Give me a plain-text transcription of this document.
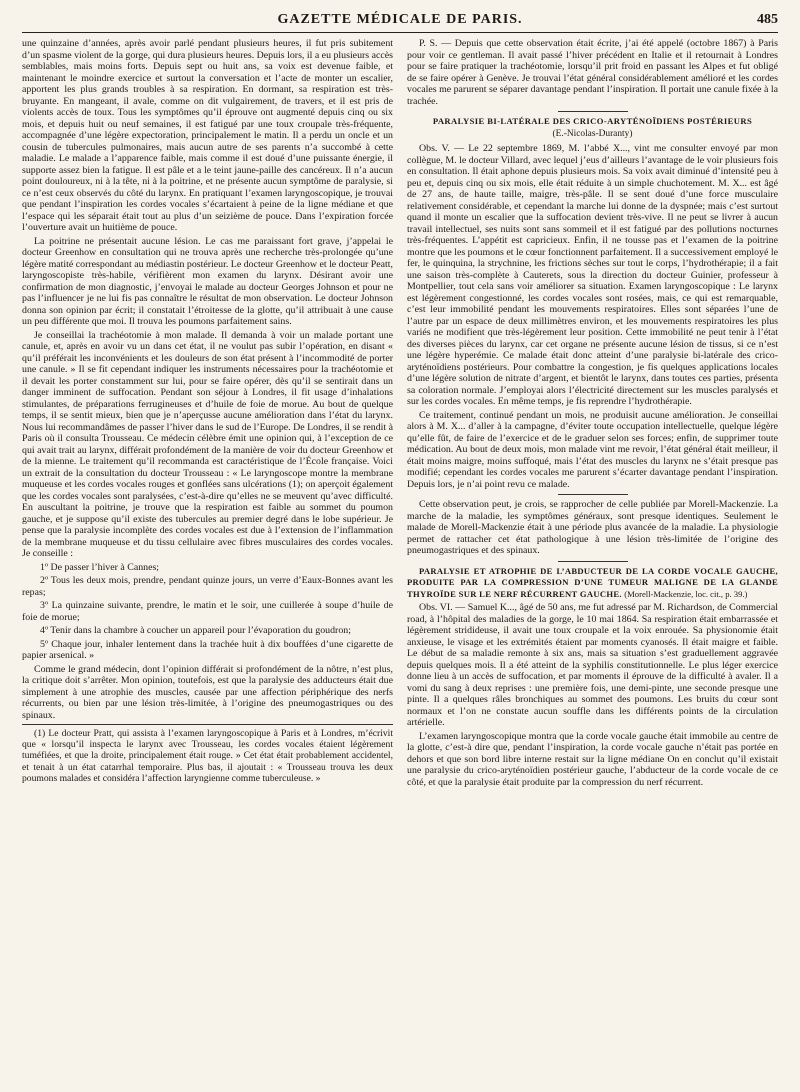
GAZETTE MÉDICALE DE PARIS.	485

une quinzaine d’années, après avoir parlé pendant plusieurs heures, il fut pris subitement d’un spasme violent de la gorge, qui dura plusieurs heures. Depuis lors, il a eu plusieurs accès semblables, mais moins forts. Depuis sept ou huit ans, sa voix est devenue faible, et maintenant le moindre exercice et surtout la conversation et l’acte de monter un escalier, apportent les plus grands troubles à sa respiration. En dormant, sa respiration est très-bruyante. En mangeant, il avale, comme on dit vulgairement, de travers, et il est pris de violents accès de toux. Tous les symptômes qu’il éprouve ont augmenté depuis cinq ou six mois, et depuis huit ou neuf semaines, il est fatigué par une toux croupale très-fréquente, accompagnée d’une légère expectoration, principalement le matin. Il a perdu un oncle et un cousin de tubercules pulmonaires, mais aucun autre de ses parents n’a succombé à cette maladie. Le malade a l’apparence faible, mais comme il est doué d’une puissante énergie, il supporte assez bien la fatigue. Il est pâle et a le teint jaune-paille des cancéreux. Il n’a aucun point douloureux, ni à la tête, ni à la poitrine, et ne présente aucun symptôme de paralysie, si ce n’est ceux observés du côté du larynx. En pratiquant l’examen laryngoscopique, je trouvai que pendant l’inspiration les cordes vocales s’écartaient à peine de la ligne médiane et que l’espace qui les séparait était tout au plus d’un seizième de pouce. Dans l’expiration forcée l’ouverture avait un huitième de pouce.

La poitrine ne présentait aucune lésion. Le cas me paraissant fort grave, j’appelai le docteur Greenhow en consultation qui ne trouva après une recherche très-prolongée qu’une légère matité correspondant au médiastin postérieur. Le docteur Greenhow et le docteur Peatt, laryngoscopiste très-habile, vérifièrent mon examen du larynx. Désirant avoir une confirmation de mon diagnostic, j’envoyai le malade au docteur Georges Johnson et pour ne pas l’influencer je ne lui fis pas connaître le résultat de mon observation. Le docteur Johnson donna son opinion par écrit; il constatait l’étroitesse de la glotte, qu’il attribuait à une cause un peu différente que moi. Il trouva les poumons parfaitement sains.

Je conseillai la trachéotomie à mon malade. Il demanda à voir un malade portant une canule, et, après en avoir vu un dans cet état, il ne voulut pas subir l’opération, en disant « qu’il préférait les inconvénients et les douleurs de son état présent à l’incommodité de porter une canule. » Il se fit cependant indiquer les instruments nécessaires pour la trachéotomie et il devait les porter constamment sur lui, pour se faire opérer, dès qu’il se sentirait dans un danger imminent de suffocation. Pendant son séjour à Londres, il fit usage d’inhalations stimulantes, de préparations ferrugineuses et d’huile de foie de morue. Au bout de quelque temps, il se sentit mieux, bien que je n’aperçusse aucune amélioration dans l’état du larynx. Nous lui recommandâmes de passer l’hiver dans le sud de l’Europe. De Londres, il se rendit à Paris où il consulta Trousseau. Ce médecin célèbre émit une opinion qui, à l’exception de ce qui avait trait au larynx, différait profondément de la manière de voir du docteur Greenhow et de la mienne. Le traitement qu’il recommanda est caractéristique de l’École française. Voici un extrait de la consultation du docteur Trousseau : « Le laryngoscope montre la membrane muqueuse et les cordes vocales rouges et gonflées sans ulcérations (1); on aperçoit également que les cordes vocales sont paralysées, c’est-à-dire qu’elles ne se meuvent qu’avec difficulté. En auscultant la poitrine, je trouve que la respiration est faible au sommet du poumon gauche, et je suppose qu’il existe des tubercules au premier degré dans le lobe supérieur. Je pense que la paralysie incomplète des cordes vocales est due à l’extension de l’inflammation de la membrane muqueuse et du tissu cellulaire avec fibres musculaires des cordes vocales. Je conseille :

1º De passer l’hiver à Cannes;

2º Tous les deux mois, prendre, pendant quinze jours, un verre d’Eaux-Bonnes avant les repas;

3º La quinzaine suivante, prendre, le matin et le soir, une cuillerée à soupe d’huile de foie de morue;

4º Tenir dans la chambre à coucher un appareil pour l’évaporation du goudron;

5º Chaque jour, inhaler lentement dans la trachée huit à dix bouffées d’une cigarette de papier arsenical. »

Comme le grand médecin, dont l’opinion différait si profondément de la nôtre, n’est plus, la critique doit s’arrêter. Mon opinion, toutefois, est que la paralysie des adducteurs était due simplement à une atrophie des muscles, causée par une affection périphérique des nerfs récurrents, ou bien par une lésion très-limitée, à l’origine des pneumogastriques ou des spinaux.

(1) Le docteur Pratt, qui assista à l’examen laryngoscopique à Paris et à Londres, m’écrivit que « lorsqu’il inspecta le larynx avec Trousseau, les cordes vocales étaient légèrement tuméfiées, et que la droite, principalement était rouge. » Cet état était probablement accidentel, et tenait à un état catarrhal temporaire. Plus bas, il ajoutait : « Trousseau trouva les deux poumons malades et considéra l’affection laryngienne comme tuberculeuse. »

P. S. — Depuis que cette observation était écrite, j’ai été appelé (octobre 1867) à Paris pour voir ce gentleman. Il avait passé l’hiver précédent en Italie et il retournait à Londres pour se faire pratiquer la trachéotomie, lorsqu’il prit froid en passant les Alpes et fut obligé de se faire opérer à Genève. Je trouvai l’état général considérablement amélioré et les cordes vocales me parurent se séparer davantage pendant l’inspiration. Il portait une canule fixée à la trachée.

PARALYSIE BI-LATÉRALE DES CRICO-ARYTÉNOÏDIENS POSTÉRIEURS
(E.-Nicolas-Duranty)

Obs. V. — Le 22 septembre 1869, M. l’abbé X..., vint me consulter envoyé par mon collègue, M. le docteur Villard, avec lequel j’eus d’ailleurs l’avantage de le voir plusieurs fois en consultation. Il était aphone depuis plusieurs mois. Sa voix avait diminué d’intensité peu à peu et, depuis cinq ou six mois, elle était réduite à un simple chuchotement. M. X... est âgé de 27 ans, de haute taille, maigre, très-pâle. Il se sent doué d’une force musculaire relativement considérable, et cependant la marche lui donne de la dyspnée; mais c’est surtout quand il monte un escalier que la suffocation devient très-vive. Il ne peut se livrer à aucun travail intellectuel, ses nuits sont sans sommeil et il est fatigué par des pollutions nocturnes très-fréquentes. L’appétit est capricieux. Enfin, il ne tousse pas et l’examen de la poitrine montre que les poumons et le cœur fonctionnent parfaitement. Il a successivement employé le fer, le quinquina, la strychnine, les frictions sèches sur tout le corps, l’hydrothérapie; il a fait une saison très-complète à Cauterets, sous la direction du docteur Guinier, professeur à Montpellier, tout cela sans voir améliorer sa situation. Examen laryngoscopique : Le larynx est légèrement congestionné, les cordes vocales sont rosées, mais, ce qui est remarquable, c’est leur immobilité pendant les mouvements respiratoires. Elles sont séparées l’une de l’autre par un espace de deux millimètres environ, et les mouvements respiratoires les plus variés ne modifient que très-légèrement leur position. Cette immobilité ne peut tenir à l’état des diverses pièces du larynx, car cet organe ne présente aucune lésion de tissus, si ce n’est une légère hyperémie. Ce malade était donc atteint d’une paralysie bi-latérale des crico-aryténoïdiens postérieurs. Pour combattre la congestion, je fis quelques applications locales d’une légère solution de nitrate d’argent, et bientôt le larynx, dans toutes ces parties, présenta sa coloration normale. J’employai alors l’électricité directement sur les muscles paralysés et sur les cordes vocales. En même temps, je fis reprendre l’hydrothérapie.

Ce traitement, continué pendant un mois, ne produisit aucune amélioration. Je conseillai alors à M. X... d’aller à la campagne, d’éviter toute occupation intellectuelle, quelque légère qu’elle fût, de faire de l’exercice et de le graduer selon ses forces; enfin, de supprimer toute médication. Au bout de deux mois, mon malade vint me revoir, l’état général était meilleur, il était moins maigre, moins suffoqué, mais l’état des muscles du larynx ne s’était presque pas modifié; cependant les cordes vocales me parurent s’écarter davantage pendant l’inspiration. Depuis lors, je n’ai point revu ce malade.

Cette observation peut, je crois, se rapprocher de celle publiée par Morell-Mackenzie. La marche de la maladie, les symptômes généraux, sont presque identiques. Seulement le malade de Morell-Mackenzie était à une période plus avancée de la maladie. La physiologie permet de rattacher cet état pathologique à une lésion très-limitée de l’origine des pneumogastriques et des spinaux.

PARALYSIE ET ATROPHIE DE L’ABDUCTEUR DE LA CORDE VOCALE GAUCHE, PRODUITE PAR LA COMPRESSION D’UNE TUMEUR MALIGNE DE LA GLANDE THYROÏDE SUR LE NERF RÉCURRENT GAUCHE. (Morell-Mackenzie, loc. cit., p. 39.)

Obs. VI. — Samuel K..., âgé de 50 ans, me fut adressé par M. Richardson, de Commercial road, à l’hôpital des maladies de la gorge, le 10 mai 1864. Sa respiration était embarrassée et légèrement stridideuse, il avait une toux croupale et la voix enrouée. Sa physionomie était anxieuse, le visage et les extrémités étaient par moments cyanosés. Il était maigre et faible. Le début de sa maladie remonte à six ans, mais sa situation s’est graduellement aggravée depuis quelques mois. Il a été atteint de la syphilis constitutionnelle. Le plus léger exercice donne lieu à un accès de suffocation, et par moments il éprouve de la difficulté à avaler. Il a vomi du sang à deux reprises : une première fois, une demi-pinte, une seconde presque une pinte. Il a quelques râles bronchiques au sommet des poumons. Les bruits du cœur sont normaux et l’on ne constate aucun souffle dans les différents points de la circulation artérielle.

L’examen laryngoscopique montra que la corde vocale gauche était immobile au centre de la glotte, c’est-à dire que, pendant l’inspiration, la corde vocale gauche n’était pas portée en dehors et que son bord libre interne restait sur la ligne médiane On en conclut qu’il existait une paralysie du crico-aryténoïdien postérieur gauche, l’abducteur de la corde vocale de ce côté, et que la paralysie était produite par la compression du nerf récurrent.
